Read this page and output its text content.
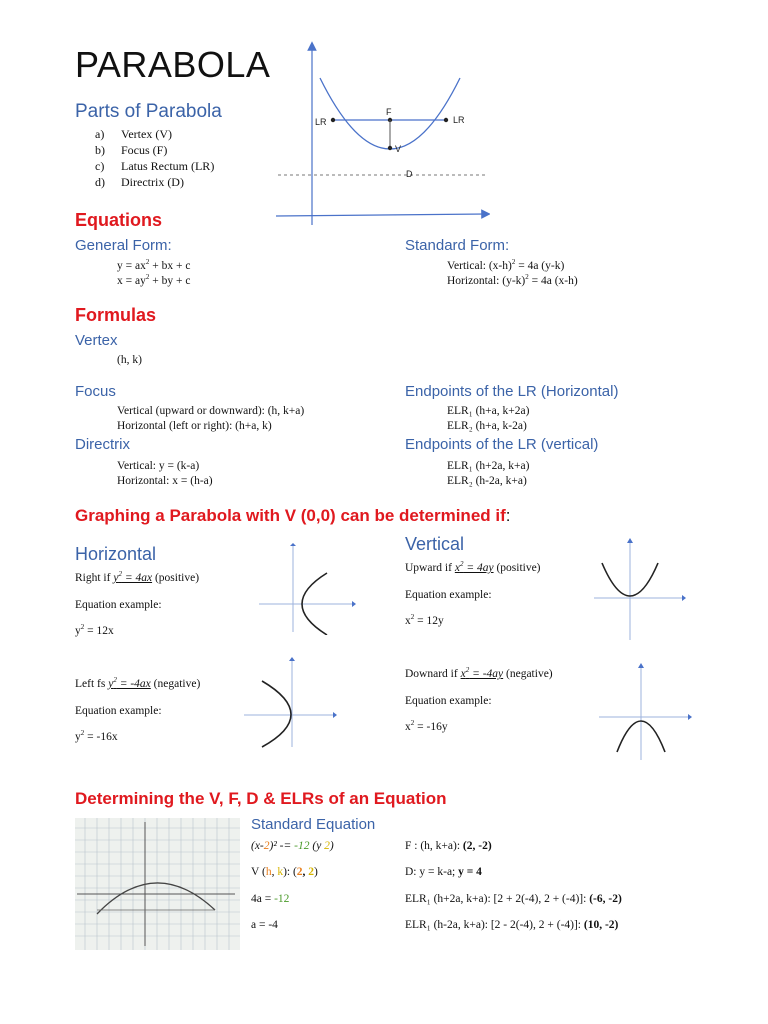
PARABOLA
Parts of Parabola
a) Vertex (V)
b) Focus (F)
c) Latus Rectum (LR)
d) Directrix (D)
LR	LR
F
V
D
Equations
General Form:
$y = ax^2$ + bx + c
$x = ay^2$ + by + c
Standard Form:
Vertical: $(x-h)^2 = 4a$ (y-k)
Horizontal: $(y-k)^2 = 4a$ (x-h)
Formulas
Vertex
(h, k)
Focus
Vertical (upward or downward): (h, k+a)
Horizontal (left or right): (h+a, k)
Directrix
Vertical: y = (k-a)
Horizontal: x = (h-a)
Endpoints of the LR (Horizontal)
ELR₁ (h+a, k+2a)
ELR₂ (h+a, k-2a)
Endpoints of the LR (vertical)
ELR₁ (h+2a, k+a)
ELR₂ (h-2a, k+a)
Graphing a Parabola with V (0,0) can be determined if:
Horizontal
Right if $y^2 = 4ax$ (positive)
Equation example:
$y^2 = 12x$
Left fs $y^2 = -4ax$ (negative)
Equation example:
$y^2 = -16x$
Vertical
Upward if $x^2 = 4ay$ (positive)
Equation example:
$x^2 = 12y$
Downard if $x^2 = -4ay$ (negative)
Equation example:
$x^2 = -16y$
Determining the V, F, D & ELRs of an Equation
Standard Equation
(x-2)² -= -12 (y 2)
V (h, k): (2, 2)
4a = -12
a = -4
F : (h, k+a): (2, -2)
D: y = k-a; y = 4
ELR₁ (h+2a, k+a): [2 + 2(-4), 2 + (-4)]: (-6, -2)
ELR₁ (h-2a, k+a): [2 - 2(-4), 2 + (-4)]: (10, -2)
